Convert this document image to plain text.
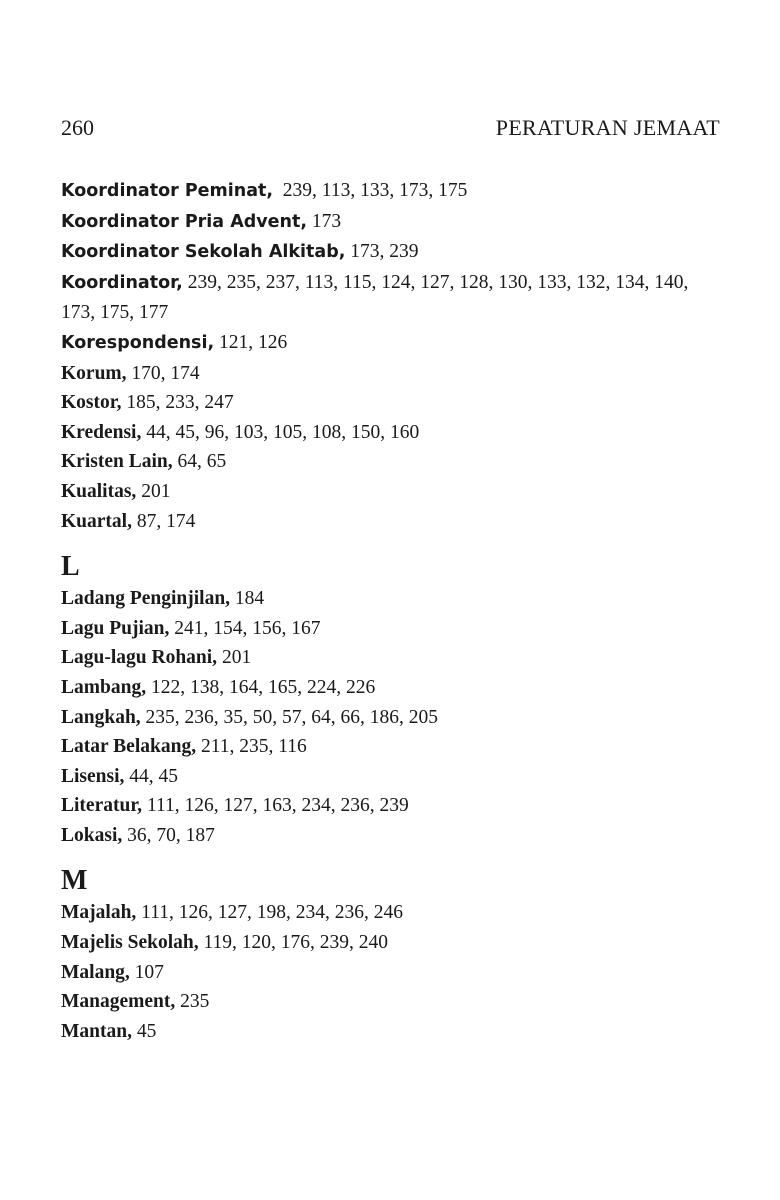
260	PERATURAN JEMAAT

Koordinator Peminat,  239, 113, 133, 173, 175

Koordinator Pria Advent, 173

Koordinator Sekolah Alkitab, 173, 239

Koordinator, 239, 235, 237, 113, 115, 124, 127, 128, 130, 133, 132, 134, 140, 173, 175, 177

Korespondensi, 121, 126

Korum, 170, 174

Kostor, 185, 233, 247

Kredensi, 44, 45, 96, 103, 105, 108, 150, 160

Kristen Lain, 64, 65

Kualitas, 201

Kuartal, 87, 174

L

Ladang Penginjilan, 184

Lagu Pujian, 241, 154, 156, 167

Lagu-lagu Rohani, 201

Lambang, 122, 138, 164, 165, 224, 226

Langkah, 235, 236, 35, 50, 57, 64, 66, 186, 205

Latar Belakang, 211, 235, 116

Lisensi, 44, 45

Literatur, 111, 126, 127, 163, 234, 236, 239

Lokasi, 36, 70, 187

M

Majalah, 111, 126, 127, 198, 234, 236, 246

Majelis Sekolah, 119, 120, 176, 239, 240

Malang, 107

Management, 235

Mantan, 45
